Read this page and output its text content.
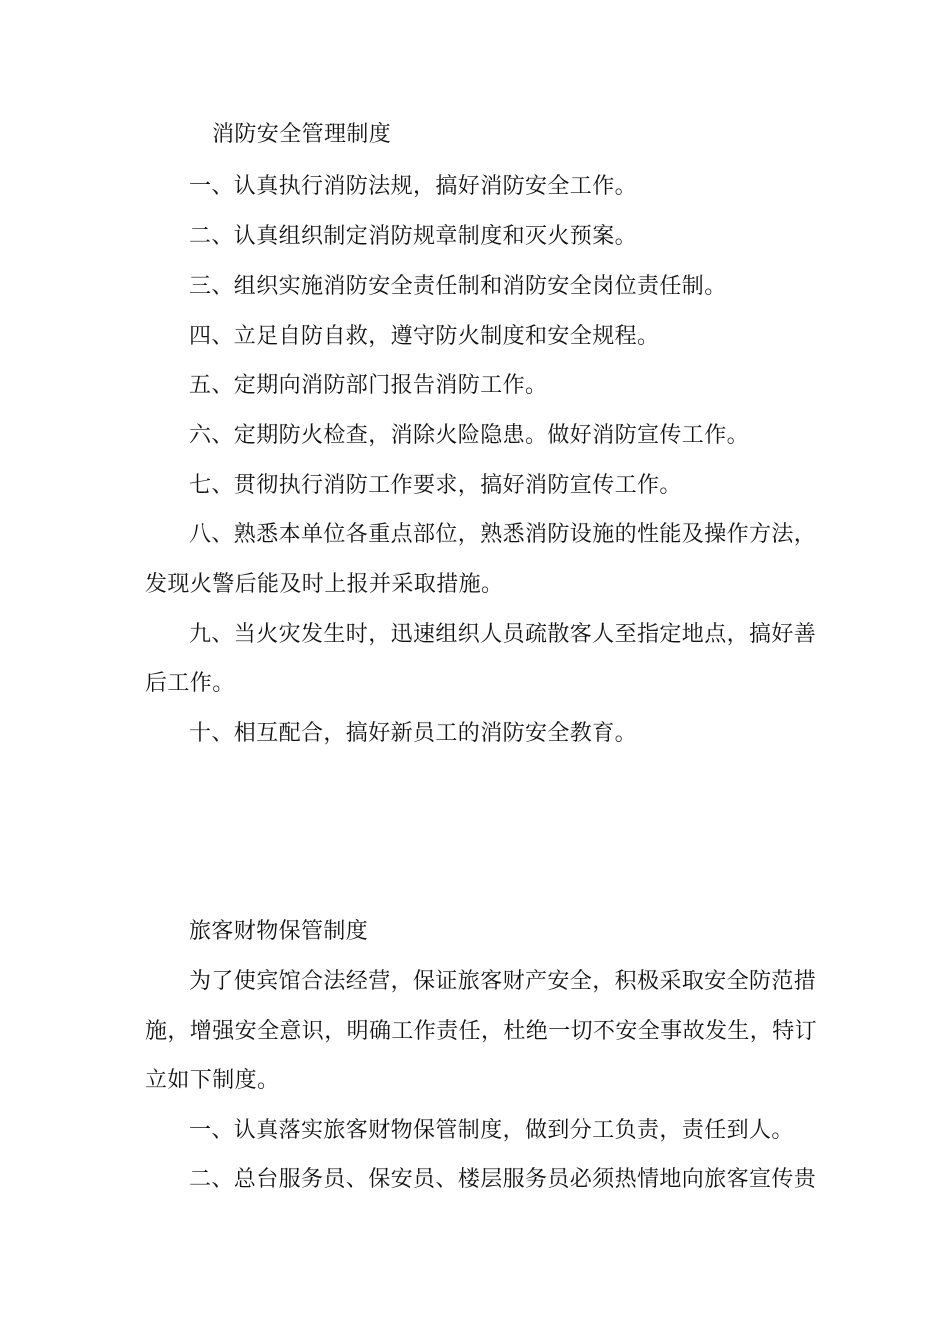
消防安全管理制度
一、认真执行消防法规，搞好消防安全工作。
二、认真组织制定消防规章制度和灭火预案。
三、组织实施消防安全责任制和消防安全岗位责任制。
四、立足自防自救，遵守防火制度和安全规程。
五、定期向消防部门报告消防工作。
六、定期防火检查，消除火险隐患。做好消防宣传工作。
七、贯彻执行消防工作要求，搞好消防宣传工作。
八、熟悉本单位各重点部位，熟悉消防设施的性能及操作方法，
发现火警后能及时上报并采取措施。
九、当火灾发生时，迅速组织人员疏散客人至指定地点，搞好善
后工作。
十、相互配合，搞好新员工的消防安全教育。
旅客财物保管制度
为了使宾馆合法经营，保证旅客财产安全，积极采取安全防范措
施，增强安全意识，明确工作责任，杜绝一切不安全事故发生，特订
立如下制度。
一、认真落实旅客财物保管制度，做到分工负责，责任到人。
二、总台服务员、保安员、楼层服务员必须热情地向旅客宣传贵
